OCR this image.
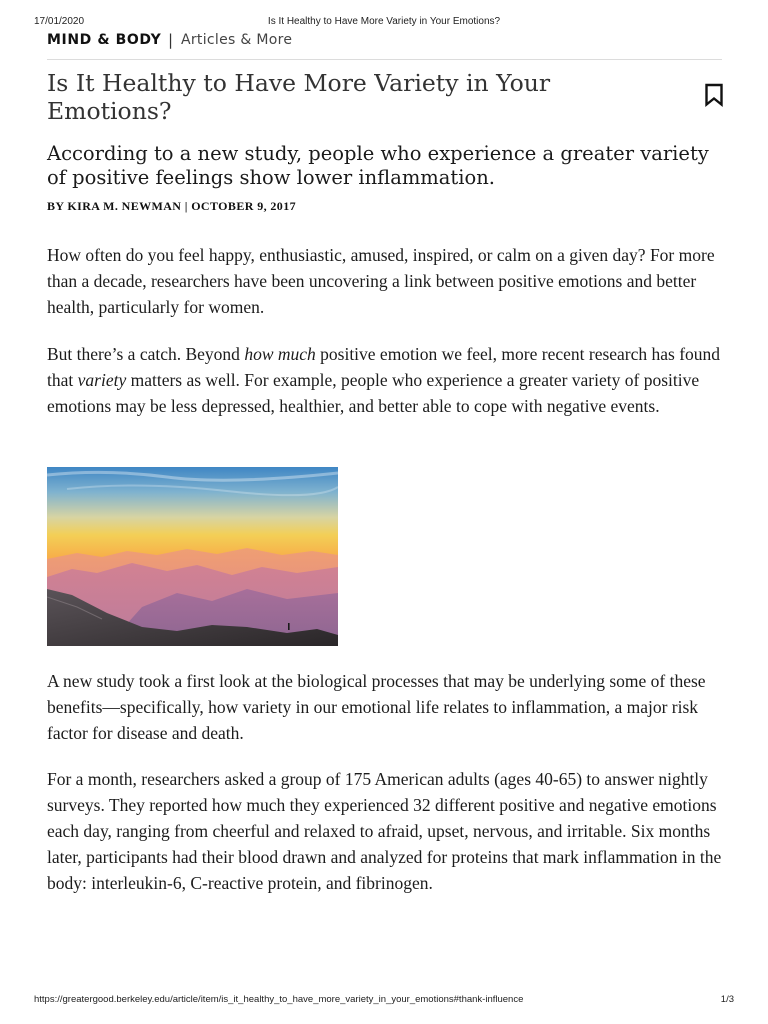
17/01/2020	Is It Healthy to Have More Variety in Your Emotions?
MIND & BODY | Articles & More
Is It Healthy to Have More Variety in Your Emotions?

According to a new study, people who experience a greater variety of positive feelings show lower inflammation.

BY KIRA M. NEWMAN | OCTOBER 9, 2017

How often do you feel happy, enthusiastic, amused, inspired, or calm on a given day? For more than a decade, researchers have been uncovering a link between positive emotions and better health, particularly for women.

But there’s a catch. Beyond how much positive emotion we feel, more recent research has found that variety matters as well. For example, people who experience a greater variety of positive emotions may be less depressed, healthier, and better able to cope with negative events.

A new study took a first look at the biological processes that may be underlying some of these benefits—specifically, how variety in our emotional life relates to inflammation, a major risk factor for disease and death.

For a month, researchers asked a group of 175 American adults (ages 40-65) to answer nightly surveys. They reported how much they experienced 32 different positive and negative emotions each day, ranging from cheerful and relaxed to afraid, upset, nervous, and irritable. Six months later, participants had their blood drawn and analyzed for proteins that mark inflammation in the body: interleukin-6, C-reactive protein, and fibrinogen.

https://greatergood.berkeley.edu/article/item/is_it_healthy_to_have_more_variety_in_your_emotions#thank-influence	1/3
